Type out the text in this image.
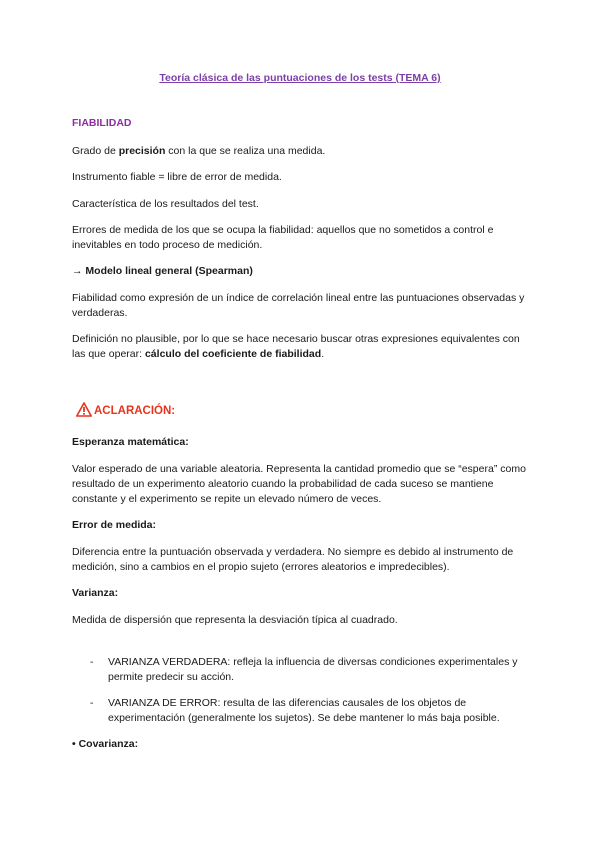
Teoría clásica de las puntuaciones de los tests (TEMA 6)
FIABILIDAD

Grado de precisión con la que se realiza una medida.

Instrumento fiable = libre de error de medida.

Característica de los resultados del test.

Errores de medida de los que se ocupa la fiabilidad: aquellos que no sometidos a control e inevitables en todo proceso de medición.

→ Modelo lineal general (Spearman)

Fiabilidad como expresión de un índice de correlación lineal entre las puntuaciones observadas y verdaderas.

Definición no plausible, por lo que se hace necesario buscar otras expresiones equivalentes con las que operar: cálculo del coeficiente de fiabilidad.

ACLARACIÓN:

Esperanza matemática:

Valor esperado de una variable aleatoria. Representa la cantidad promedio que se “espera” como resultado de un experimento aleatorio cuando la probabilidad de cada suceso se mantiene constante y el experimento se repite un elevado número de veces.

Error de medida:

Diferencia entre la puntuación observada y verdadera. No siempre es debido al instrumento de medición, sino a cambios en el propio sujeto (errores aleatorios e impredecibles).

Varianza:

Medida de dispersión que representa la desviación típica al cuadrado.

- VARIANZA VERDADERA: refleja la influencia de diversas condiciones experimentales y permite predecir su acción.
- VARIANZA DE ERROR: resulta de las diferencias causales de los objetos de experimentación (generalmente los sujetos). Se debe mantener lo más baja posible.

• Covarianza:
